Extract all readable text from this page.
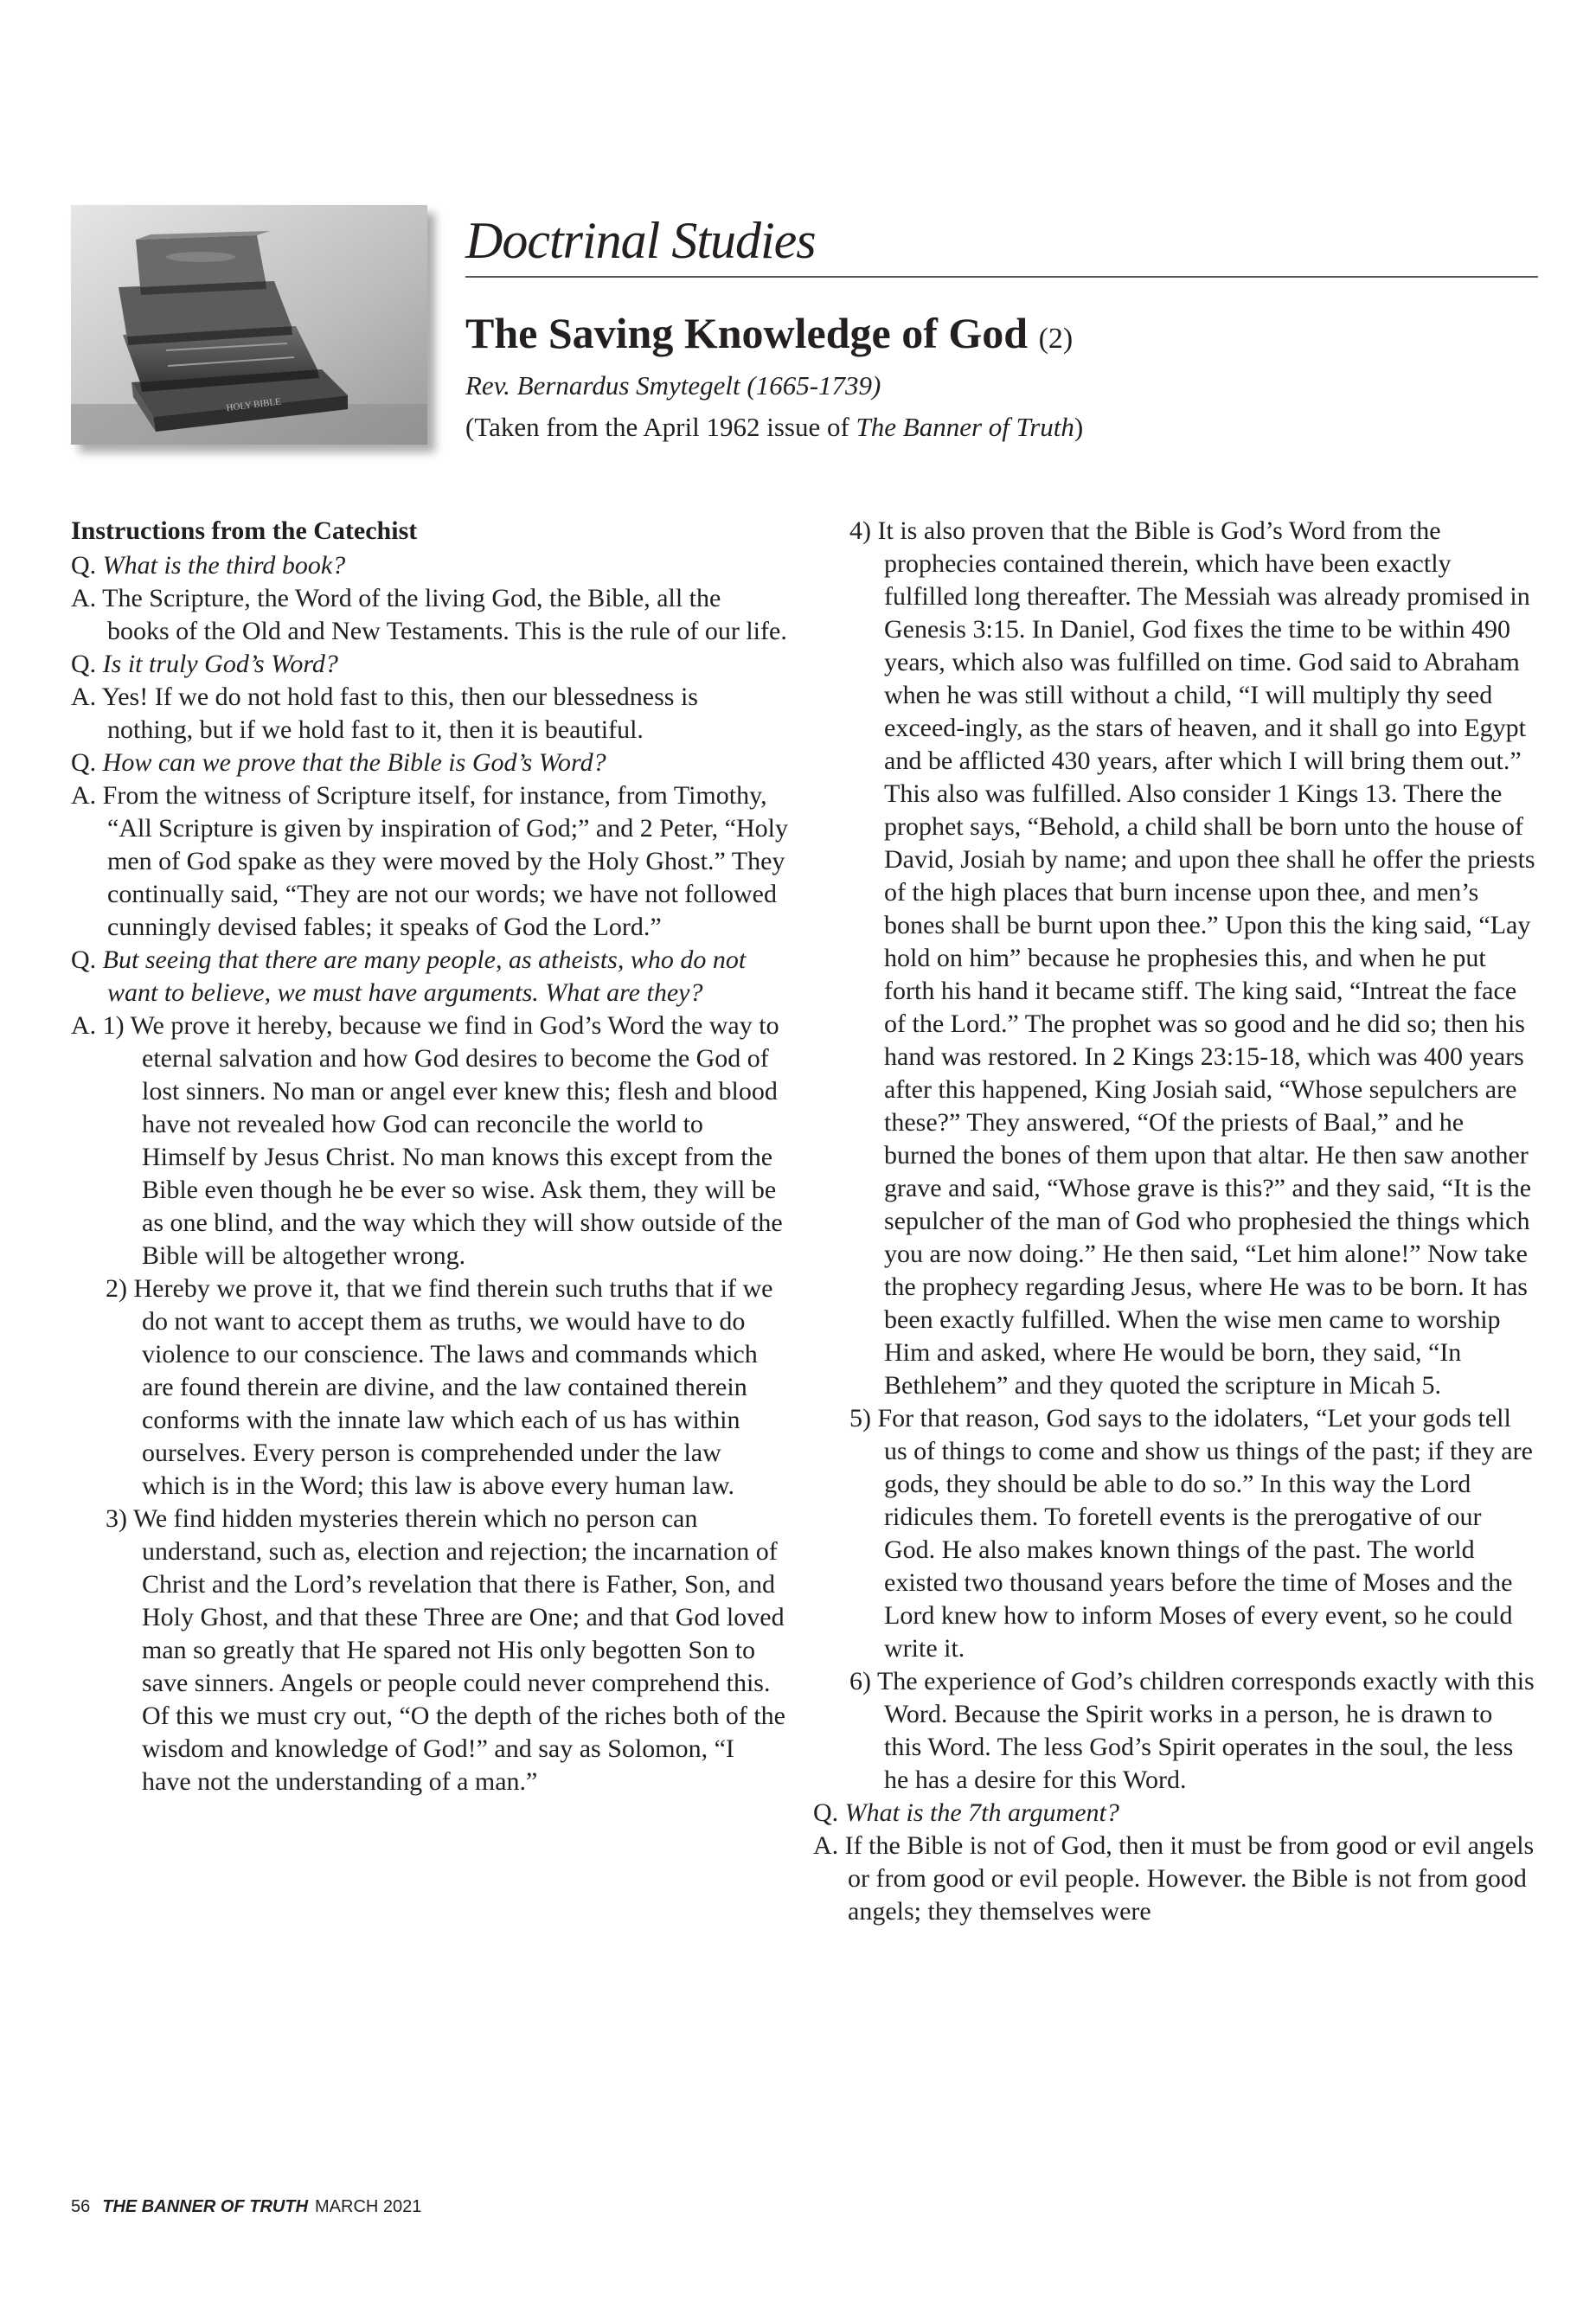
HOLY BIBLE
Doctrinal Studies
The Saving Knowledge of God (2)
Rev. Bernardus Smytegelt (1665-1739)
(Taken from the April 1962 issue of The Banner of Truth)

Instructions from the Catechist

Q. What is the third book?

A. The Scripture, the Word of the living God, the Bible, all the books of the Old and New Testaments. This is the rule of our life.

Q. Is it truly God’s Word?

A. Yes! If we do not hold fast to this, then our blessedness is nothing, but if we hold fast to it, then it is beautiful.

Q. How can we prove that the Bible is God’s Word?

A. From the witness of Scripture itself, for instance, from Timothy, “All Scripture is given by inspiration of God;” and 2 Peter, “Holy men of God spake as they were moved by the Holy Ghost.” They continually said, “They are not our words; we have not followed cunningly devised fables; it speaks of God the Lord.”

Q. But seeing that there are many people, as atheists, who do not want to believe, we must have arguments. What are they?

A. 1) We prove it hereby, because we find in God’s Word the way to eternal salvation and how God desires to become the God of lost sinners. No man or angel ever knew this; flesh and blood have not revealed how God can reconcile the world to Himself by Jesus Christ. No man knows this except from the Bible even though he be ever so wise. Ask them, they will be as one blind, and the way which they will show outside of the Bible will be altogether wrong.

2) Hereby we prove it, that we find therein such truths that if we do not want to accept them as truths, we would have to do violence to our conscience. The laws and commands which are found therein are divine, and the law contained therein conforms with the innate law which each of us has within ourselves. Every person is comprehended under the law which is in the Word; this law is above every human law.

3) We find hidden mysteries therein which no person can understand, such as, election and rejection; the incarnation of Christ and the Lord’s revelation that there is Father, Son, and Holy Ghost, and that these Three are One; and that God loved man so greatly that He spared not His only begotten Son to save sinners. Angels or people could never comprehend this. Of this we must cry out, “O the depth of the riches both of the wisdom and knowledge of God!” and say as Solomon, “I have not the understanding of a man.”

4) It is also proven that the Bible is God’s Word from the prophecies contained therein, which have been exactly fulfilled long thereafter. The Messiah was already promised in Genesis 3:15. In Daniel, God fixes the time to be within 490 years, which also was fulfilled on time. God said to Abraham when he was still without a child, “I will multiply thy seed exceed-ingly, as the stars of heaven, and it shall go into Egypt and be afflicted 430 years, after which I will bring them out.” This also was fulfilled. Also consider 1 Kings 13. There the prophet says, “Behold, a child shall be born unto the house of David, Josiah by name; and upon thee shall he offer the priests of the high places that burn incense upon thee, and men’s bones shall be burnt upon thee.” Upon this the king said, “Lay hold on him” because he prophesies this, and when he put forth his hand it became stiff. The king said, “Intreat the face of the Lord.” The prophet was so good and he did so; then his hand was restored. In 2 Kings 23:15-18, which was 400 years after this happened, King Josiah said, “Whose sepulchers are these?” They answered, “Of the priests of Baal,” and he burned the bones of them upon that altar. He then saw another grave and said, “Whose grave is this?” and they said, “It is the sepulcher of the man of God who prophesied the things which you are now doing.” He then said, “Let him alone!” Now take the prophecy regarding Jesus, where He was to be born. It has been exactly fulfilled. When the wise men came to worship Him and asked, where He would be born, they said, “In Bethlehem” and they quoted the scripture in Micah 5.

5) For that reason, God says to the idolaters, “Let your gods tell us of things to come and show us things of the past; if they are gods, they should be able to do so.” In this way the Lord ridicules them. To foretell events is the prerogative of our God. He also makes known things of the past. The world existed two thousand years before the time of Moses and the Lord knew how to inform Moses of every event, so he could write it.

6) The experience of God’s children corresponds exactly with this Word. Because the Spirit works in a person, he is drawn to this Word. The less God’s Spirit operates in the soul, the less he has a desire for this Word.

Q. What is the 7th argument?

A. If the Bible is not of God, then it must be from good or evil angels or from good or evil people. However. the Bible is not from good angels; they themselves were

56 THE BANNER OF TRUTH MARCH 2021
